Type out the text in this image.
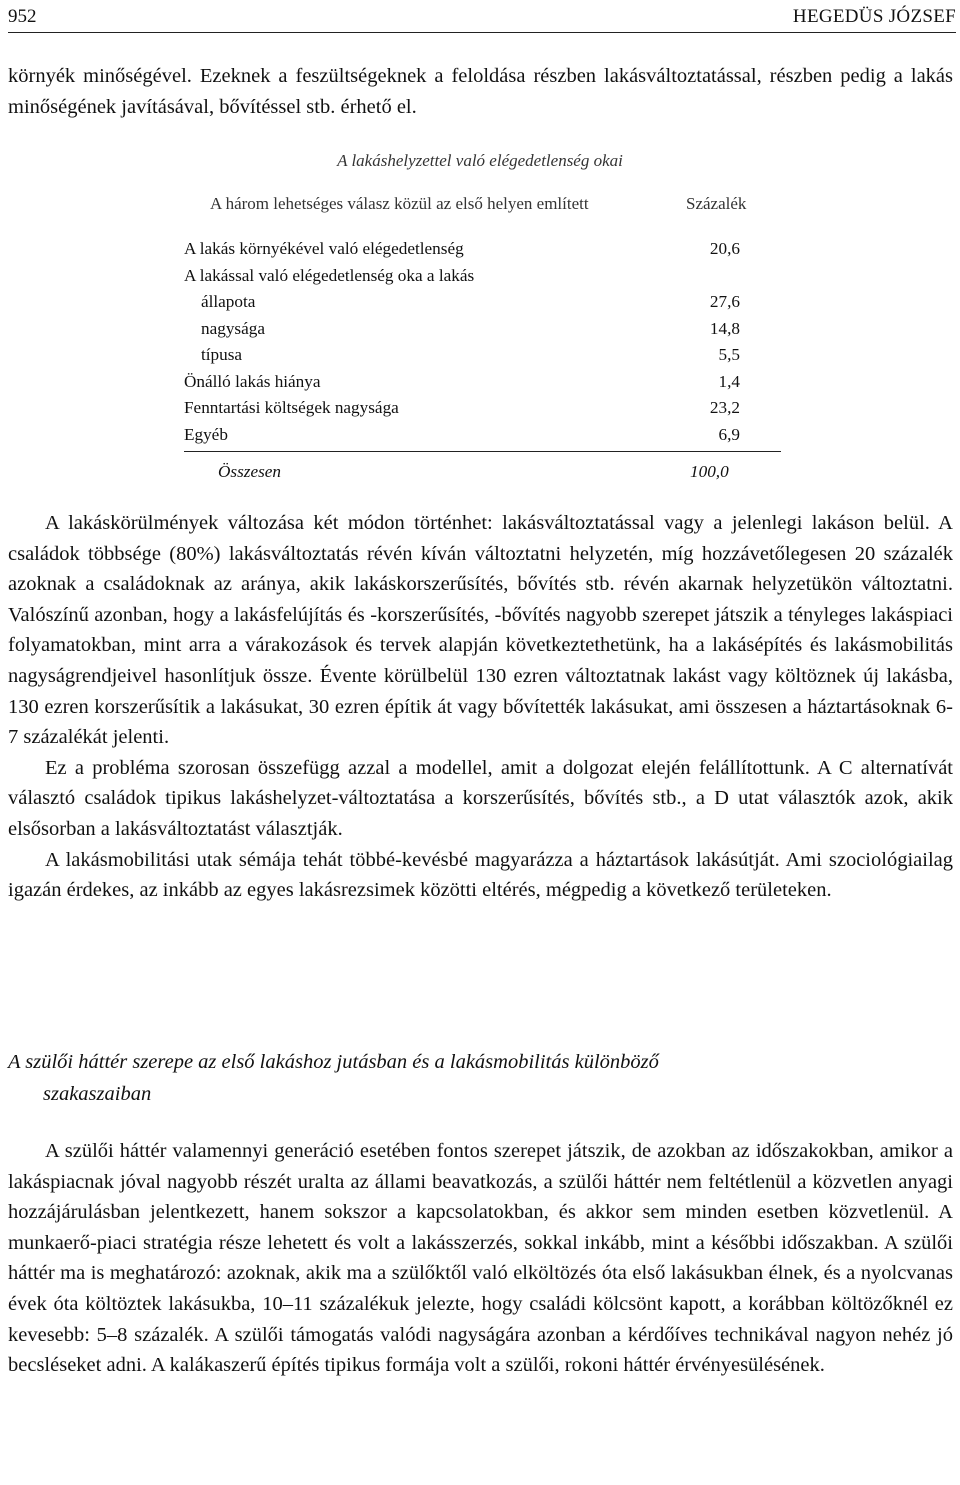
952	HEGEDÜS JÓZSEF

környék minőségével. Ezeknek a feszültségeknek a feloldása részben lakásváltoztatással, részben pedig a lakás minőségének javításával, bővítéssel stb. érhető el.

A lakáshelyzettel való elégedetlenség okai
A három lehetséges válasz közül az első helyen említett	Százalék
A lakás környékével való elégedetlenség	20,6
A lakással való elégedetlenség oka a lakás
állapota	27,6
nagysága	14,8
típusa	5,5
Önálló lakás hiánya	1,4
Fenntartási költségek nagysága	23,2
Egyéb	6,9
Összesen	100,0

A lakáskörülmények változása két módon történhet: lakásváltoztatással vagy a jelenlegi lakáson belül. A családok többsége (80%) lakásváltoztatás révén kíván változtatni helyzetén, míg hozzávetőlegesen 20 százalék azoknak a családoknak az aránya, akik lakáskorszerűsítés, bővítés stb. révén akarnak helyzetükön változtatni. Valószínű azonban, hogy a lakásfelújítás és -korszerűsítés, -bővítés nagyobb szerepet játszik a tényleges lakáspiaci folyamatokban, mint arra a várakozások és tervek alapján következtethetünk, ha a lakásépítés és lakásmobilitás nagyságrendjeivel hasonlítjuk össze. Évente körülbelül 130 ezren változtatnak lakást vagy költöznek új lakásba, 130 ezren korszerűsítik a lakásukat, 30 ezren építik át vagy bővítették lakásukat, ami összesen a háztartásoknak 6-7 százalékát jelenti.

Ez a probléma szorosan összefügg azzal a modellel, amit a dolgozat elején felállítottunk. A C alternatívát választó családok tipikus lakáshelyzet-változtatása a korszerűsítés, bővítés stb., a D utat választók azok, akik elsősorban a lakásváltoztatást választják.

A lakásmobilitási utak sémája tehát többé-kevésbé magyarázza a háztartások lakásútját. Ami szociológiailag igazán érdekes, az inkább az egyes lakásrezsimek közötti eltérés, mégpedig a következő területeken.

A szülői háttér szerepe az első lakáshoz jutásban és a lakásmobilitás különböző
szakaszaiban

A szülői háttér valamennyi generáció esetében fontos szerepet játszik, de azokban az időszakokban, amikor a lakáspiacnak jóval nagyobb részét uralta az állami beavatkozás, a szülői háttér nem feltétlenül a közvetlen anyagi hozzájárulásban jelentkezett, hanem sokszor a kapcsolatokban, és akkor sem minden esetben közvetlenül. A munkaerő-piaci stratégia része lehetett és volt a lakásszerzés, sokkal inkább, mint a későbbi időszakban. A szülői háttér ma is meghatározó: azoknak, akik ma a szülőktől való elköltözés óta első lakásukban élnek, és a nyolcvanas évek óta költöztek lakásukba, 10–11 százalékuk jelezte, hogy családi kölcsönt kapott, a korábban költözőknél ez kevesebb: 5–8 százalék. A szülői támogatás valódi nagyságára azonban a kérdőíves technikával nagyon nehéz jó becsléseket adni. A kalákaszerű építés tipikus formája volt a szülői, rokoni háttér érvényesülésének.
